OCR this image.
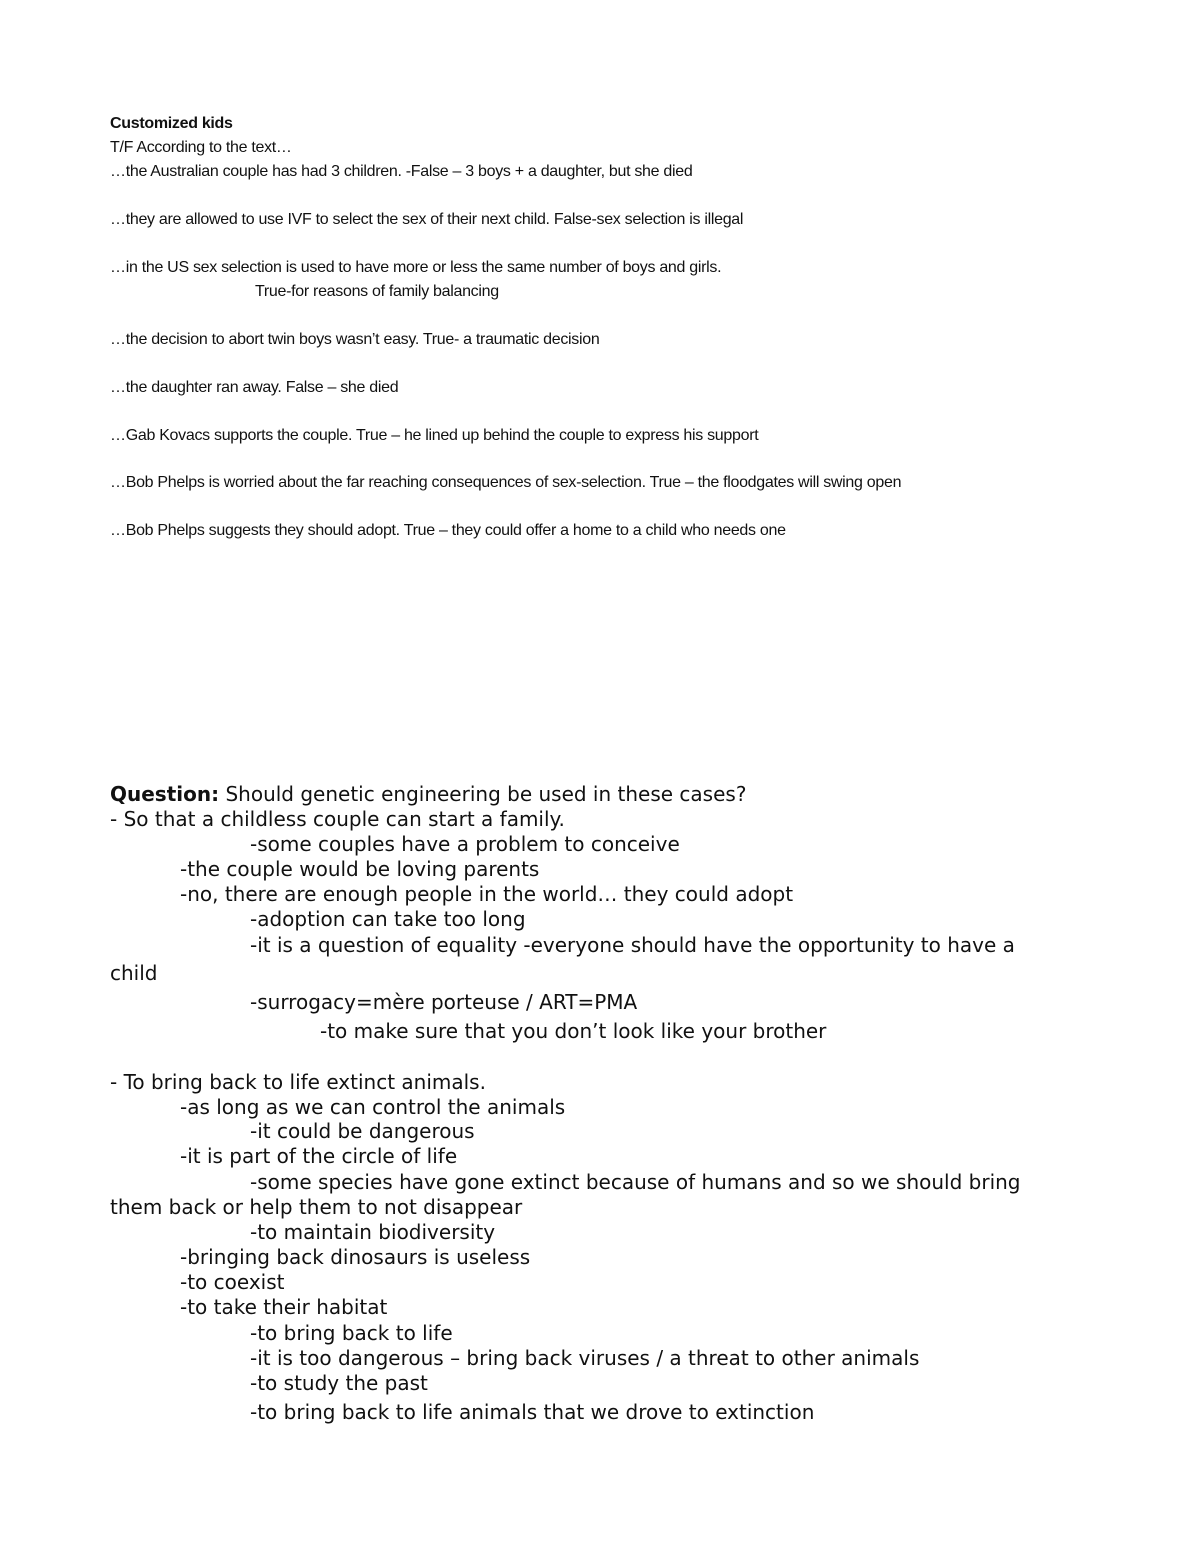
Customized kids
T/F According to the text…
…the Australian couple has had 3 children. -False – 3 boys + a daughter, but she died
…they are allowed to use IVF to select the sex of their next child. False-sex selection is illegal
…in the US sex selection is used to have more or less the same number of boys and girls.
True-for reasons of family balancing
…the decision to abort twin boys wasn’t easy. True- a traumatic decision
…the daughter ran away. False – she died
…Gab Kovacs supports the couple. True – he lined up behind the couple to express his support
…Bob Phelps is worried about the far reaching consequences of sex-selection. True – the floodgates will swing open
…Bob Phelps suggests they should adopt. True – they could offer a home to a child who needs one
Question: Should genetic engineering be used in these cases?
- So that a childless couple can start a family.
-some couples have a problem to conceive
-the couple would be loving parents
-no, there are enough people in the world… they could adopt
-adoption can take too long
-it is a question of equality -everyone should have the opportunity to have a
child
-surrogacy=mère porteuse / ART=PMA
-to make sure that you don’t look like your brother
- To bring back to life extinct animals.
-as long as we can control the animals
-it could be dangerous
-it is part of the circle of life
-some species have gone extinct because of humans and so we should bring
them back or help them to not disappear
-to maintain biodiversity
-bringing back dinosaurs is useless
-to coexist
-to take their habitat
-to bring back to life
-it is too dangerous – bring back viruses / a threat to other animals
-to study the past
-to bring back to life animals that we drove to extinction
